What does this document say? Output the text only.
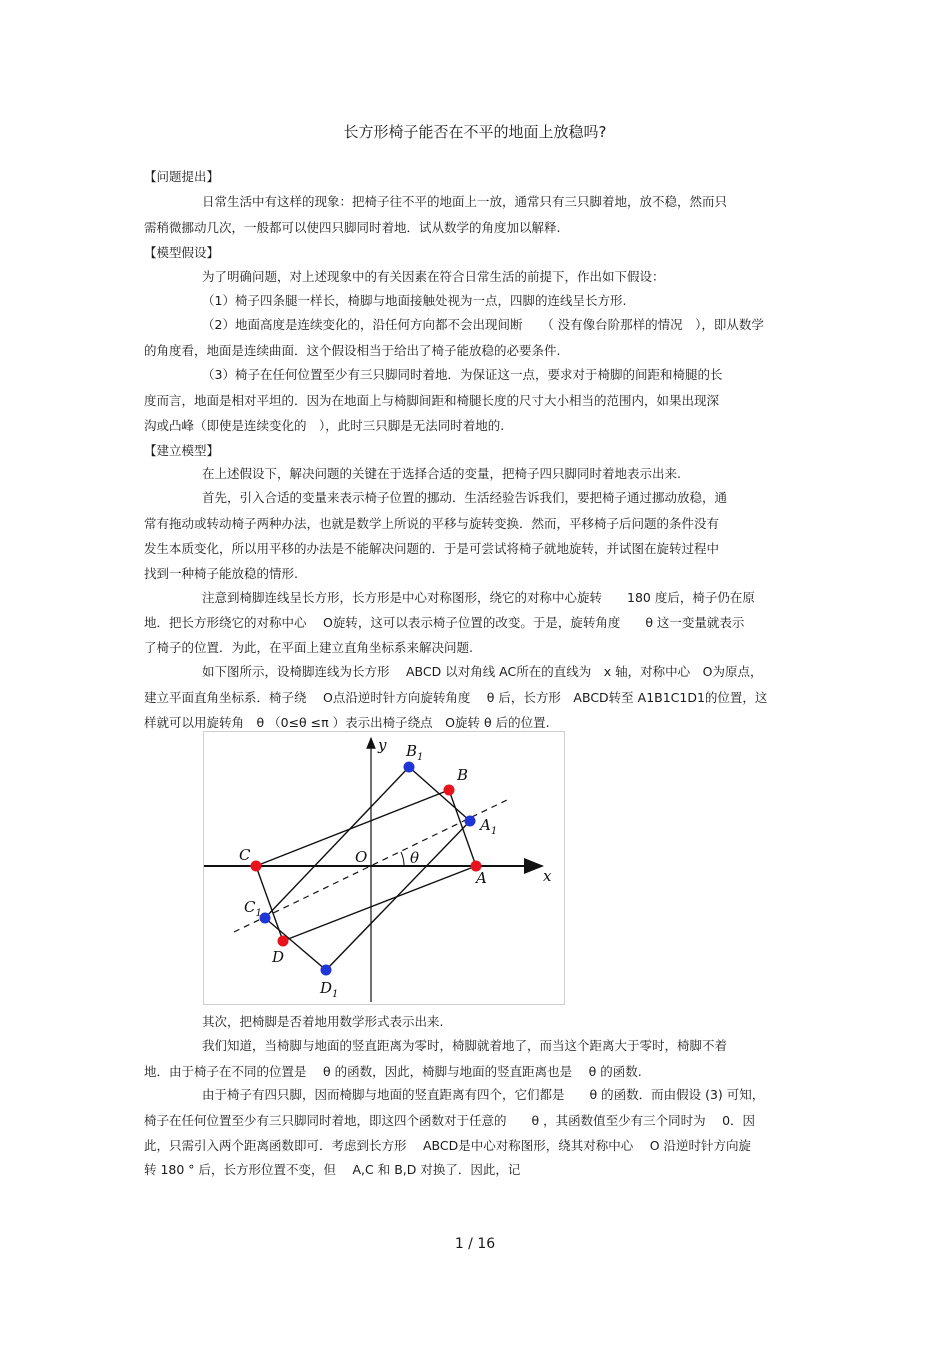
长方形椅子能否在不平的地面上放稳吗?
【问题提出】
日常生活中有这样的现象：把椅子往不平的地面上一放，通常只有三只脚着地，放不稳，然而只
需稍微挪动几次，一般都可以使四只脚同时着地．试从数学的角度加以解释.
【模型假设】
为了明确问题，对上述现象中的有关因素在符合日常生活的前提下，作出如下假设：
（1）椅子四条腿一样长，椅脚与地面接触处视为一点，四脚的连线呈长方形.
（2）地面高度是连续变化的，沿任何方向都不会出现间断　　（ 没有像台阶那样的情况　），即从数学
的角度看，地面是连续曲面．这个假设相当于给出了椅子能放稳的必要条件.
（3）椅子在任何位置至少有三只脚同时着地．为保证这一点，要求对于椅脚的间距和椅腿的长
度而言，地面是相对平坦的．因为在地面上与椅脚间距和椅腿长度的尺寸大小相当的范围内，如果出现深
沟或凸峰（即使是连续变化的　），此时三只脚是无法同时着地的.
【建立模型】
在上述假设下，解决问题的关键在于选择合适的变量，把椅子四只脚同时着地表示出来.
首先，引入合适的变量来表示椅子位置的挪动．生活经验告诉我们，要把椅子通过挪动放稳，通
常有拖动或转动椅子两种办法，也就是数学上所说的平移与旋转变换．然而，平移椅子后问题的条件没有
发生本质变化，所以用平移的办法是不能解决问题的．于是可尝试将椅子就地旋转，并试图在旋转过程中
找到一种椅子能放稳的情形.
注意到椅脚连线呈长方形，长方形是中心对称图形，绕它的对称中心旋转　　180 度后，椅子仍在原
地．把长方形绕它的对称中心　 O旋转，这可以表示椅子位置的改变。于是，旋转角度　　θ 这一变量就表示
了椅子的位置．为此，在平面上建立直角坐标系来解决问题.
如下图所示，设椅脚连线为长方形　 ABCD 以对角线 AC所在的直线为　x 轴，对称中心　O为原点，
建立平面直角坐标系．椅子绕　 O点沿逆时针方向旋转角度　 θ 后，长方形　ABCD转至 A1B1C1D1的位置，这
样就可以用旋转角　θ （0≤θ ≤π ）表示出椅子绕点　O旋转 θ 后的位置.
x
y
O	θ
A
B
C
D
$A_1$
$B_1$
$C_1$
$D_1$
其次，把椅脚是否着地用数学形式表示出来.
我们知道，当椅脚与地面的竖直距离为零时，椅脚就着地了，而当这个距离大于零时，椅脚不着
地．由于椅子在不同的位置是　 θ 的函数，因此，椅脚与地面的竖直距离也是　 θ 的函数.
由于椅子有四只脚，因而椅脚与地面的竖直距离有四个，它们都是　　θ 的函数．而由假设 (3) 可知，
椅子在任何位置至少有三只脚同时着地，即这四个函数对于任意的　　θ ，其函数值至少有三个同时为　 0．因
此，只需引入两个距离函数即可．考虑到长方形　 ABCD是中心对称图形，绕其对称中心　 O 沿逆时针方向旋
转 180 ° 后，长方形位置不变，但　 A,C 和 B,D 对换了．因此，记
1 / 16
